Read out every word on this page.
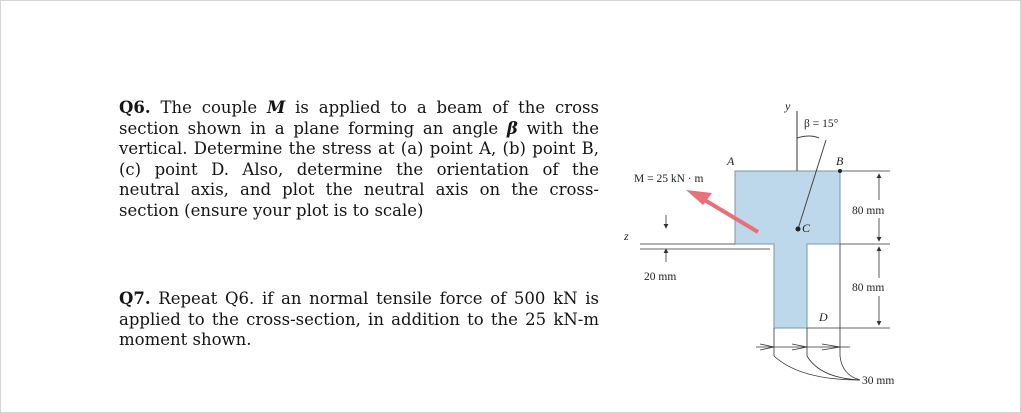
Q6. The couple M is applied to a beam of the cross section shown in a plane forming an angle β with the vertical. Determine the stress at (a) point A, (b) point B, (c) point D. Also, determine the orientation of the neutral axis, and plot the neutral axis on the cross-section (ensure your plot is to scale)
Q7. Repeat Q6. if an normal tensile force of 500 kN is applied to the cross-section, in addition to the 25 kN-m moment shown.
y
β = 15°
M = 25 kN · m
C
A	B
D
z
20 mm
80 mm
80 mm
30 mm
